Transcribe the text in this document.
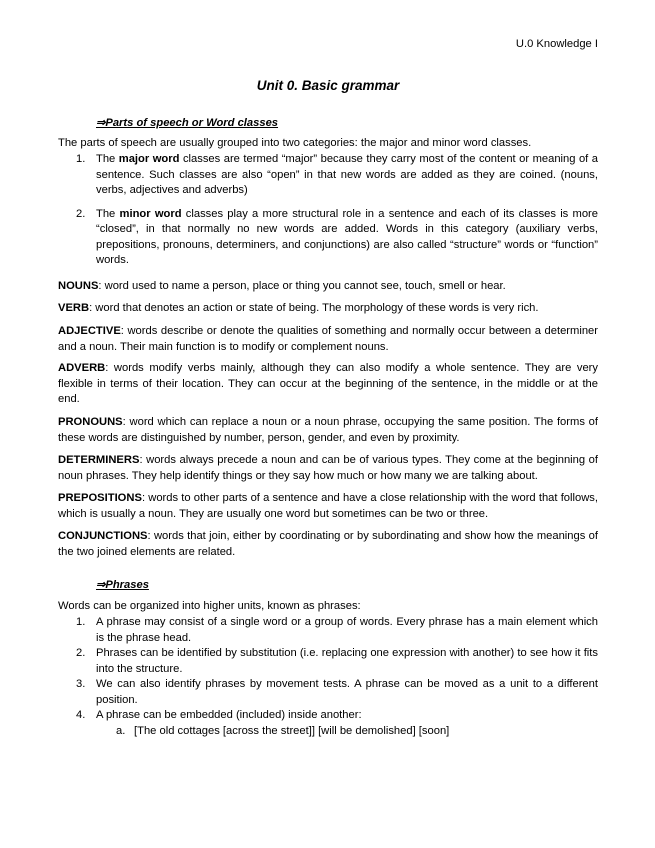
U.0 Knowledge I
Unit 0. Basic grammar
⇒Parts of speech or Word classes
The parts of speech are usually grouped into two categories: the major and minor word classes.
1. The major word classes are termed “major” because they carry most of the content or meaning of a sentence. Such classes are also “open” in that new words are added as they are coined. (nouns, verbs, adjectives and adverbs)
2. The minor word classes play a more structural role in a sentence and each of its classes is more “closed”, in that normally no new words are added. Words in this category (auxiliary verbs, prepositions, pronouns, determiners, and conjunctions) are also called “structure” words or “function” words.
NOUNS: word used to name a person, place or thing you cannot see, touch, smell or hear.
VERB: word that denotes an action or state of being. The morphology of these words is very rich.
ADJECTIVE: words describe or denote the qualities of something and normally occur between a determiner and a noun. Their main function is to modify or complement nouns.
ADVERB: words modify verbs mainly, although they can also modify a whole sentence. They are very flexible in terms of their location. They can occur at the beginning of the sentence, in the middle or at the end.
PRONOUNS: word which can replace a noun or a noun phrase, occupying the same position. The forms of these words are distinguished by number, person, gender, and even by proximity.
DETERMINERS: words always precede a noun and can be of various types. They come at the beginning of noun phrases. They help identify things or they say how much or how many we are talking about.
PREPOSITIONS: words to other parts of a sentence and have a close relationship with the word that follows, which is usually a noun. They are usually one word but sometimes can be two or three.
CONJUNCTIONS: words that join, either by coordinating or by subordinating and show how the meanings of the two joined elements are related.
⇒Phrases
Words can be organized into higher units, known as phrases:
1. A phrase may consist of a single word or a group of words. Every phrase has a main element which is the phrase head.
2. Phrases can be identified by substitution (i.e. replacing one expression with another) to see how it fits into the structure.
3. We can also identify phrases by movement tests. A phrase can be moved as a unit to a different position.
4. A phrase can be embedded (included) inside another:
a. [The old cottages [across the street]] [will be demolished] [soon]
